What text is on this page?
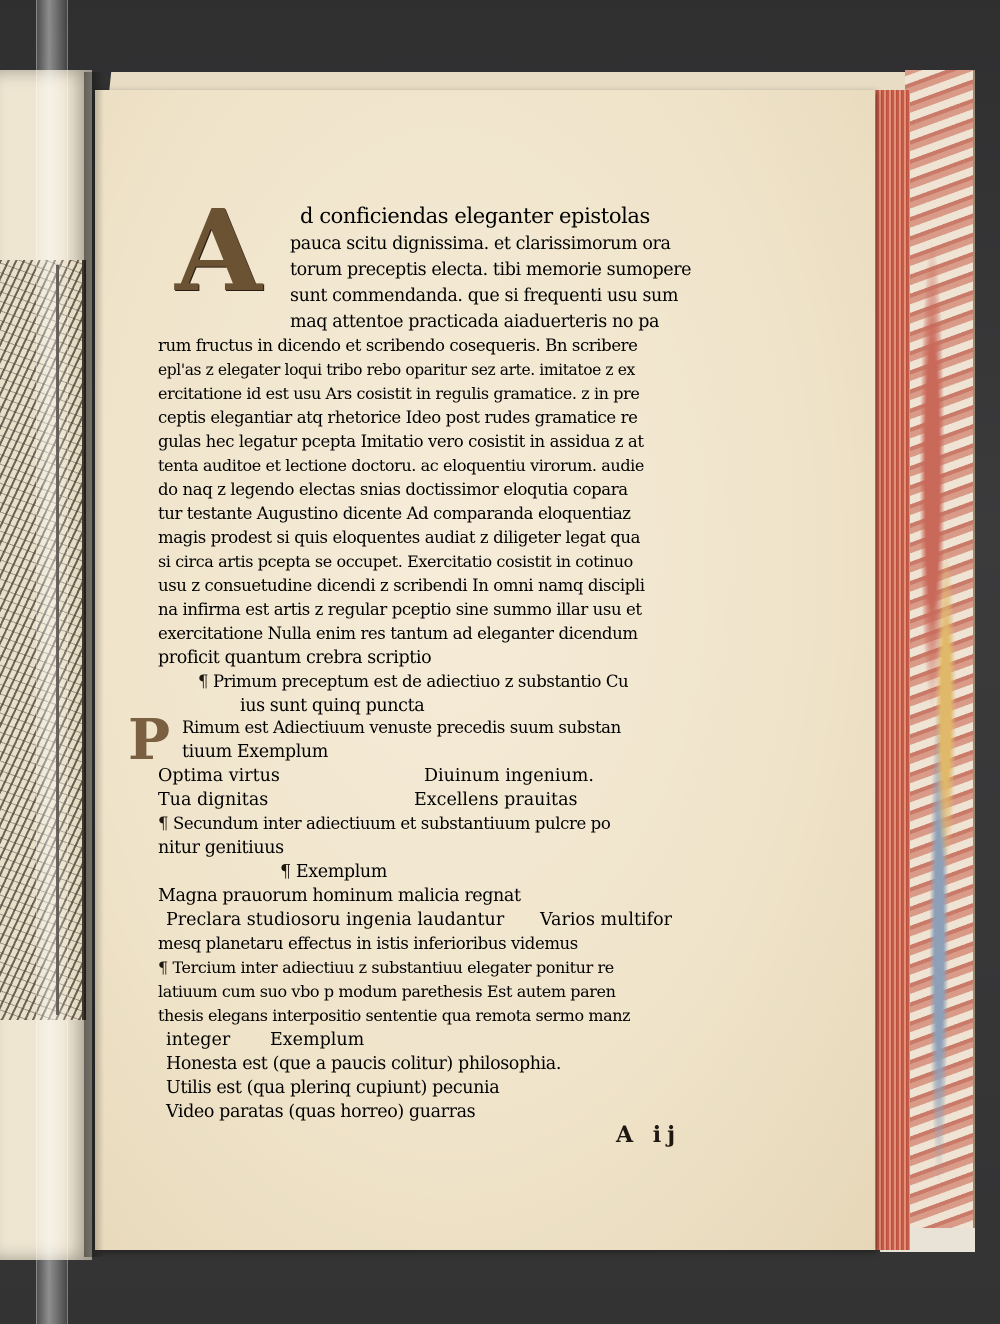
A
P
d conficiendas eleganter epistolas
pauca scitu dignissima. et clarissimorum ora
torum preceptis electa. tibi memorie sumopere
sunt commendanda. que si frequenti usu sum
maq attentoe practicada aiaduerteris no pa
rum fructus in dicendo et scribendo cosequeris. Bn scribere
epl'as z elegater loqui tribo rebo oparitur sez arte. imitatoe z ex
ercitatione id est usu Ars cosistit in regulis gramatice. z in pre
ceptis elegantiar atq rhetorice Ideo post rudes gramatice re
gulas hec legatur pcepta Imitatio vero cosistit in assidua z at
tenta auditoe et lectione doctoru. ac eloquentiu virorum. audie
do naq z legendo electas snias doctissimor eloqutia copara
tur testante Augustino dicente Ad comparanda eloquentiaz
magis prodest si quis eloquentes audiat z diligeter legat qua
si circa artis pcepta se occupet. Exercitatio cosistit in cotinuo
usu z consuetudine dicendi z scribendi In omni namq discipli
na infirma est artis z regular pceptio sine summo illar usu et
exercitatione Nulla enim res tantum ad eleganter dicendum
proficit quantum crebra scriptio
¶ Primum preceptum est de adiectiuo z substantio Cu
ius sunt quinq puncta
Rimum est Adiectiuum venuste precedis suum substan
tiuum Exemplum
Optima virtus	Diuinum ingenium.
Tua dignitas	Excellens prauitas
¶ Secundum inter adiectiuum et substantiuum pulcre po
nitur genitiuus
¶ Exemplum
Magna prauorum hominum malicia regnat
Preclara studiosoru ingenia laudantur Varios multifor
mesq planetaru effectus in istis inferioribus videmus
¶ Tercium inter adiectiuu z substantiuu elegater ponitur re
latiuum cum suo vbo p modum parethesis Est autem paren
thesis elegans interpositio sententie qua remota sermo manz
integer Exemplum
Honesta est (que a paucis colitur) philosophia.
Utilis est (qua plerinq cupiunt) pecunia
Video paratas (quas horreo) guarras
A ij
